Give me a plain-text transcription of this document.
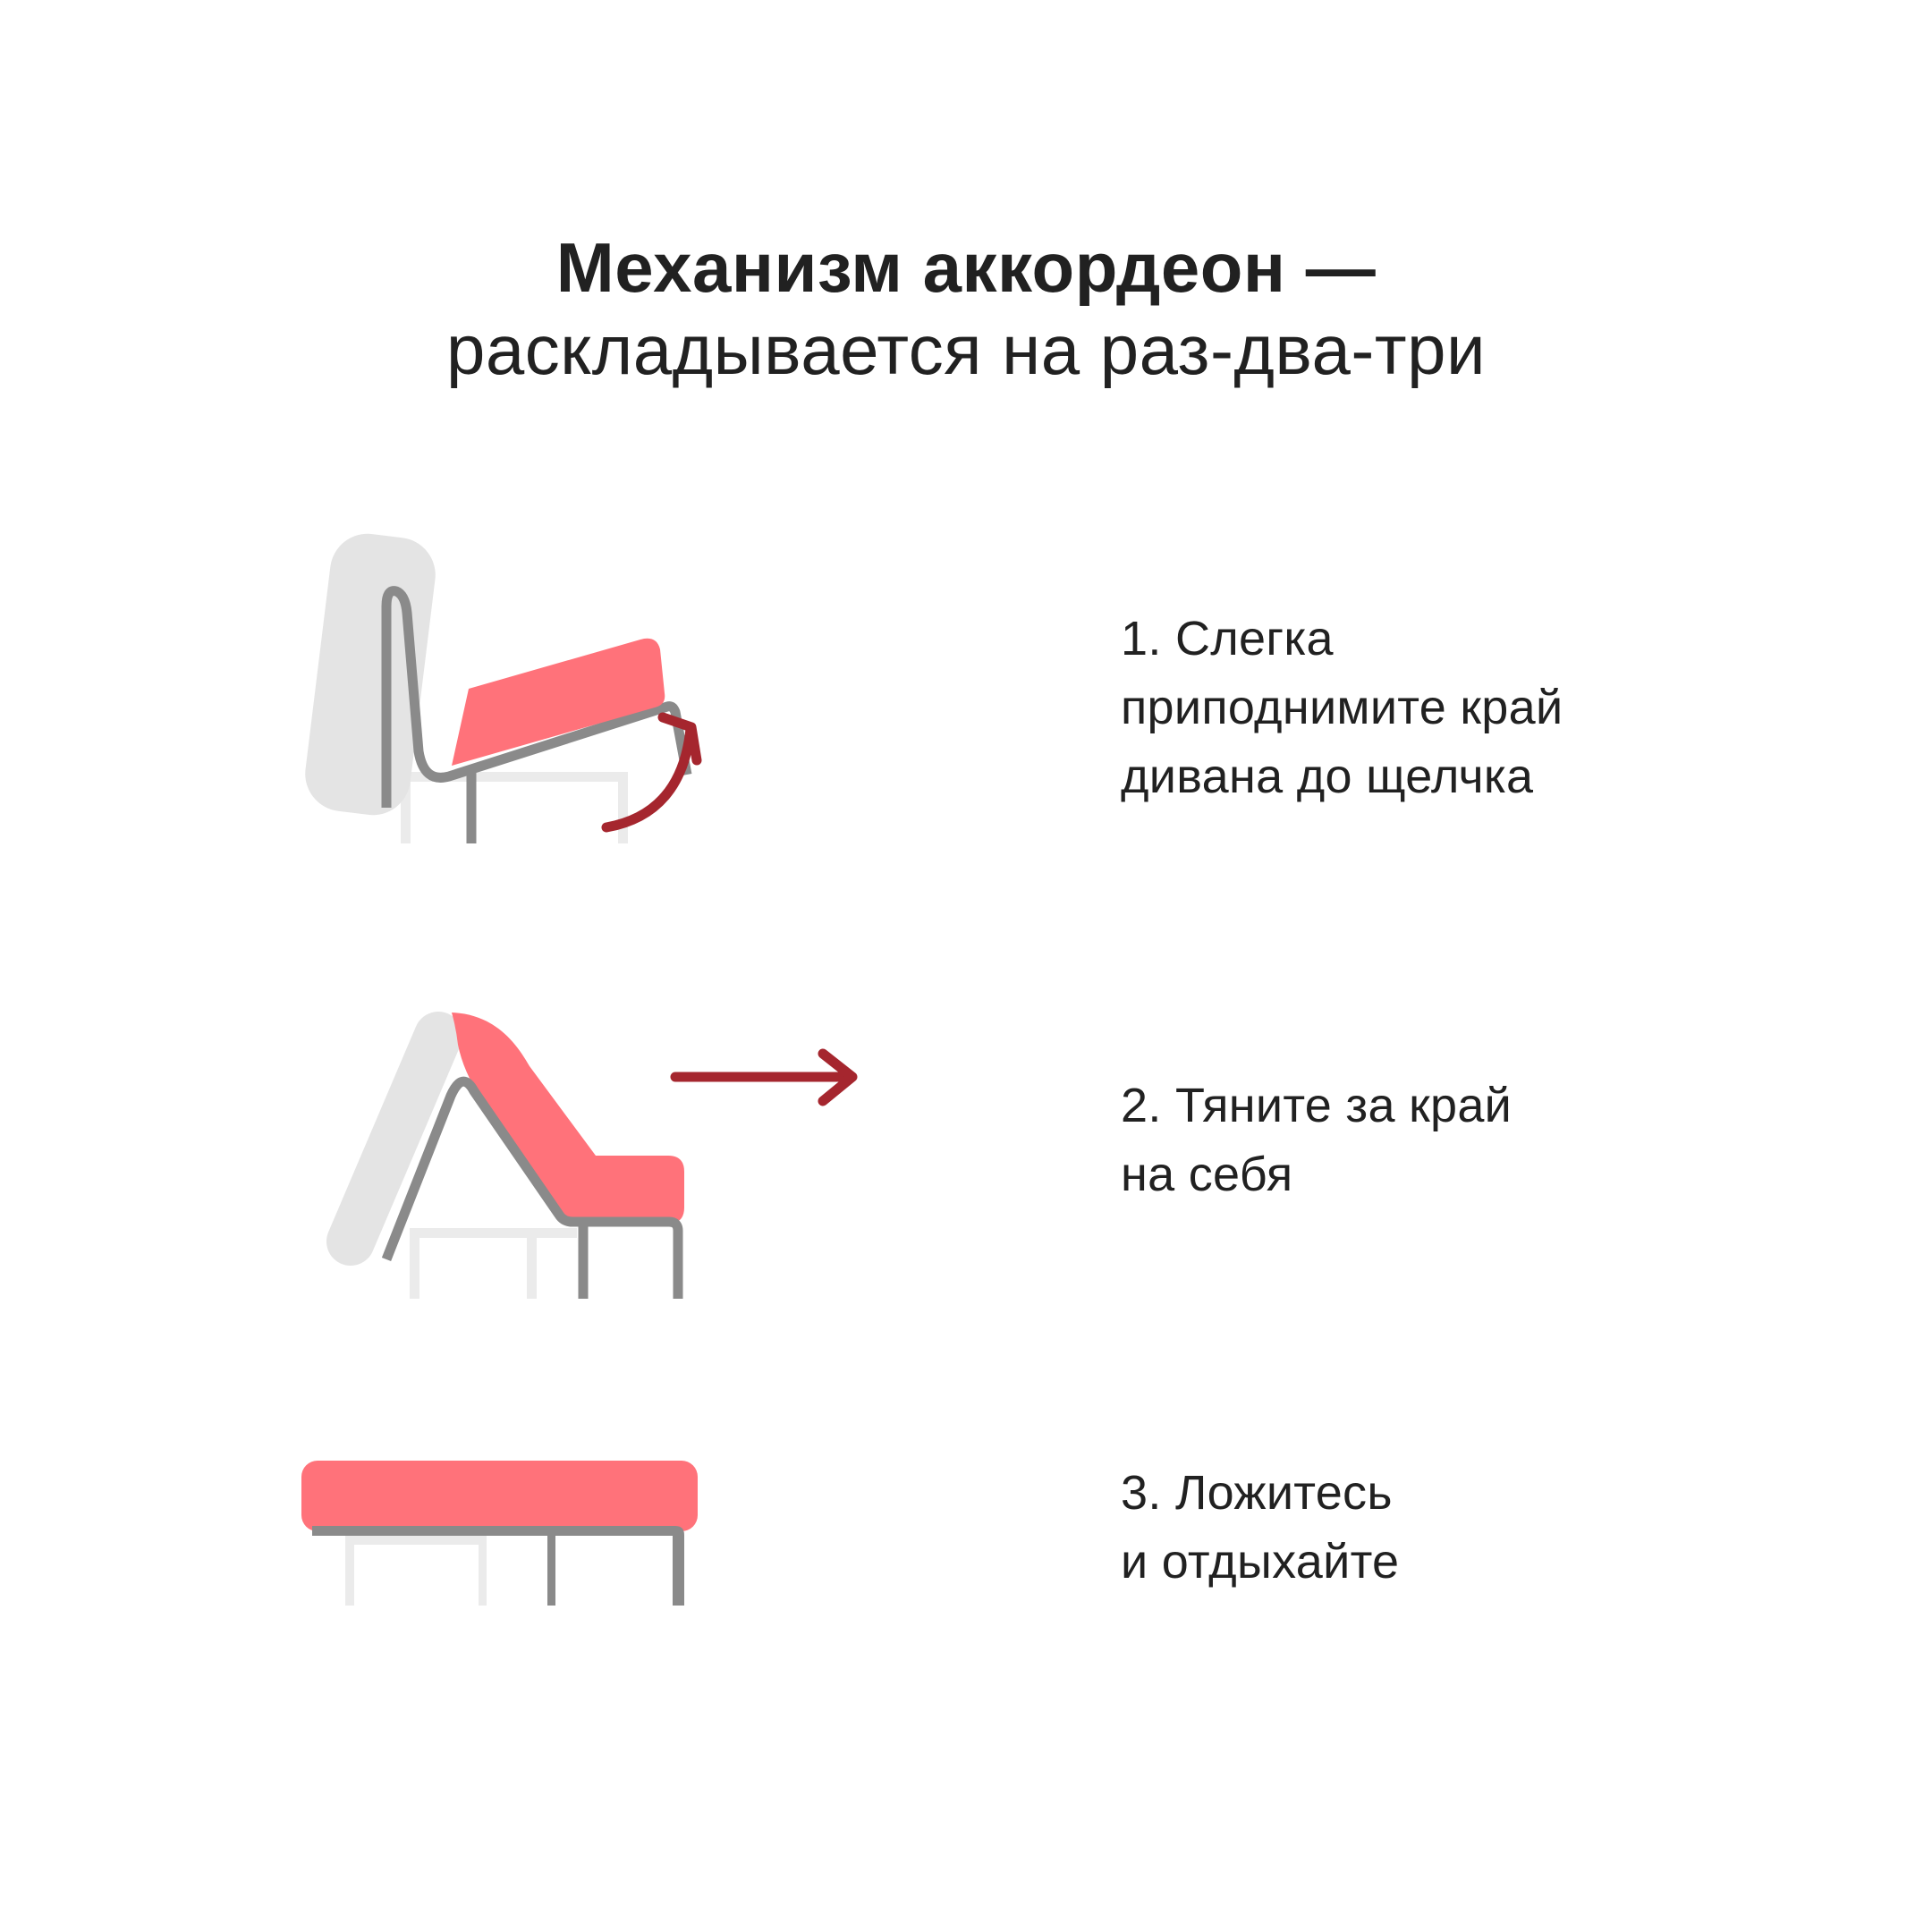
Механизм аккордеон —
раскладывается на раз-два-три
1. Слегка
приподнимите край
дивана до щелчка
2. Тяните за край
на себя
3. Ложитесь
и отдыхайте
